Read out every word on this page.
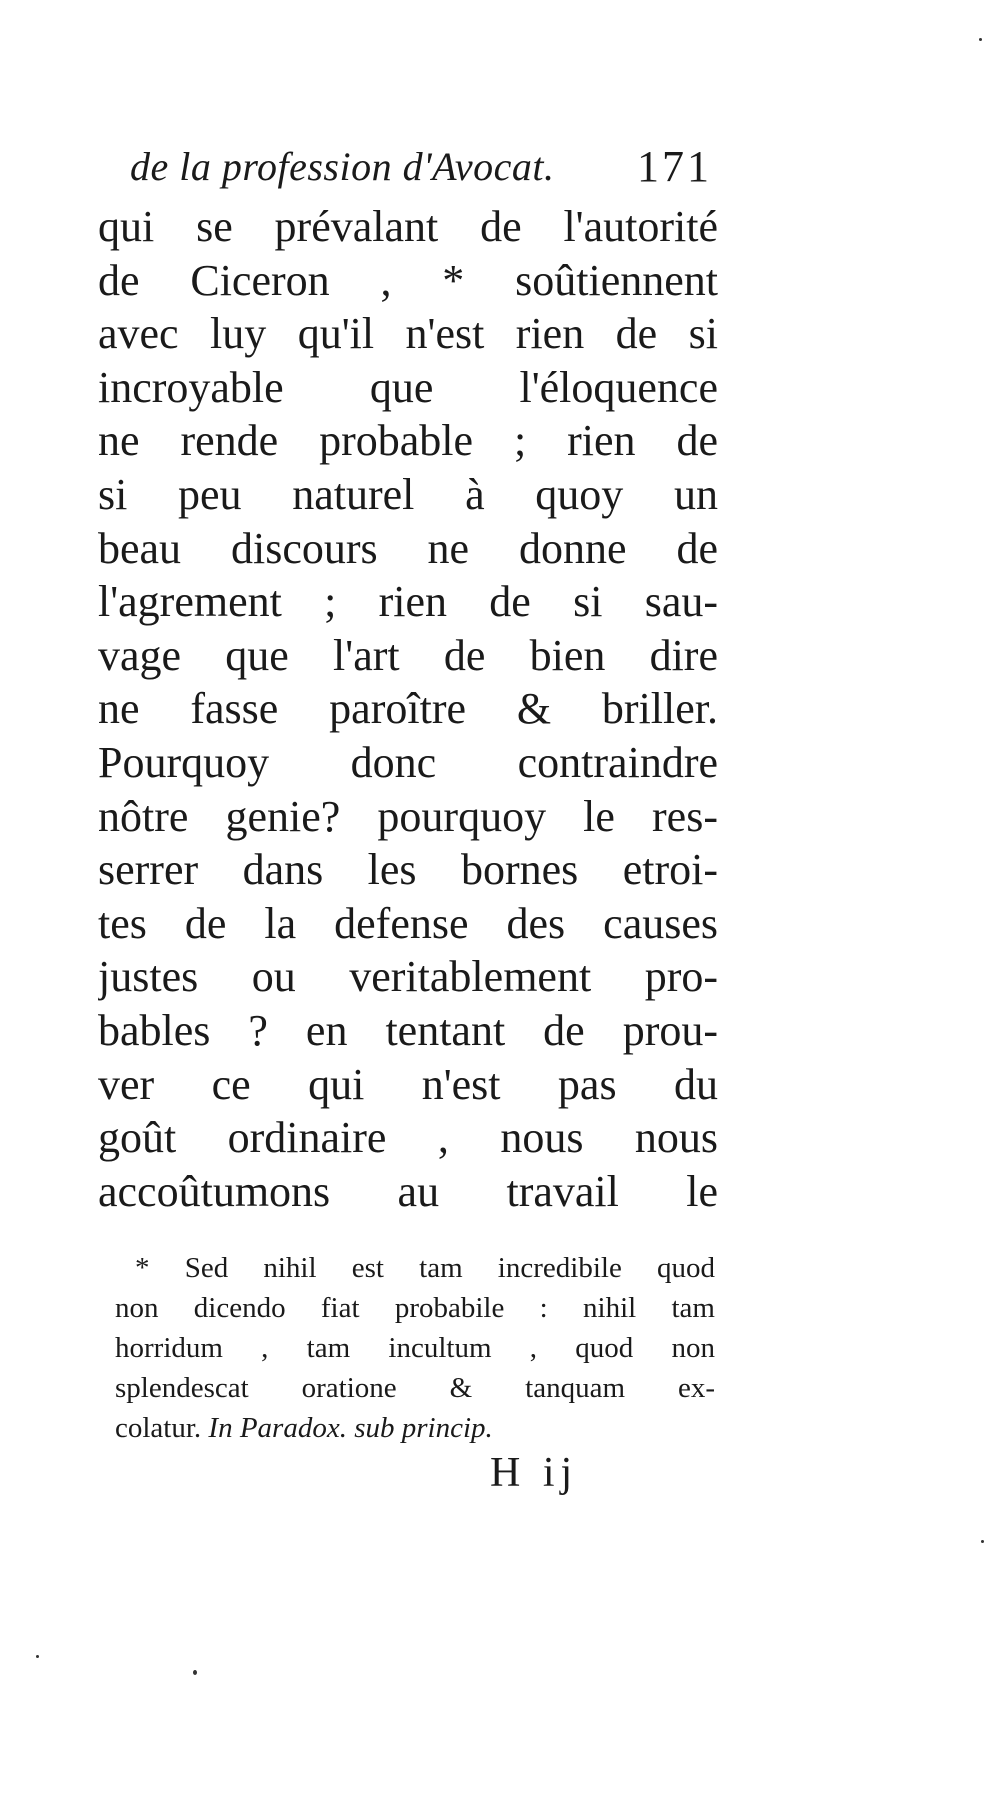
de la profession d'Avocat. 171
qui se prévalant de l'autorité
de Ciceron , * soûtiennent
avec luy qu'il n'est rien de si
incroyable que l'éloquence
ne rende probable ; rien de
si peu naturel à quoy un
beau discours ne donne de
l'agrement ; rien de si sau-
vage que l'art de bien dire
ne fasse paroître & briller.
Pourquoy donc contraindre
nôtre genie? pourquoy le res-
serrer dans les bornes etroi-
tes de la defense des causes
justes ou veritablement pro-
bables ? en tentant de prou-
ver ce qui n'est pas du
goût ordinaire , nous nous
accoûtumons au travail le
* Sed nihil est tam incredibile quod
non dicendo fiat probabile : nihil tam
horridum , tam incultum , quod non
splendescat oratione & tanquam ex-
colatur. In Paradox. sub princip.
H ij
